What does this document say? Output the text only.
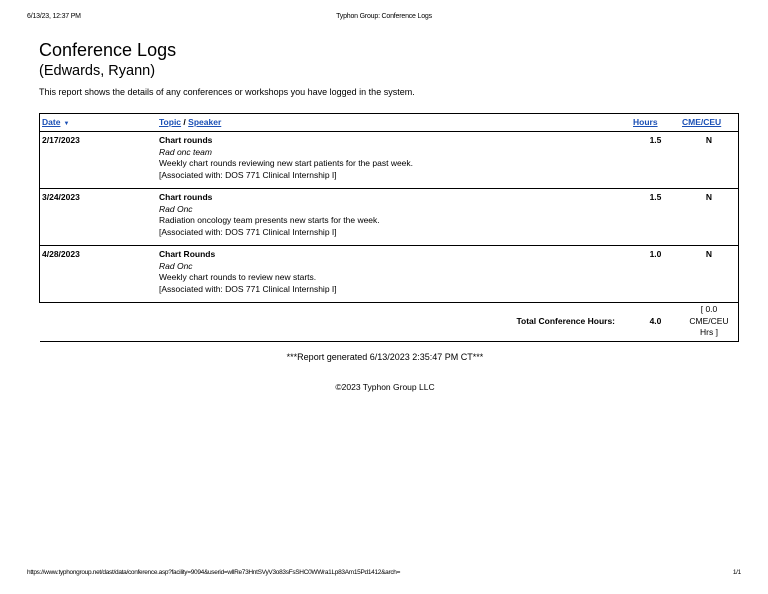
6/13/23, 12:37 PM	Typhon Group: Conference Logs
Conference Logs
(Edwards, Ryann)
This report shows the details of any conferences or workshops you have logged in the system.
Date ▼	Topic / Speaker	Hours	CME/CEU
2/17/2023	Chart rounds
Rad onc team
Weekly chart rounds reviewing new start patients for the past week.
[Associated with: DOS 771 Clinical Internship I]	1.5	N
3/24/2023	Chart rounds
Rad Onc
Radiation oncology team presents new starts for the week.
[Associated with: DOS 771 Clinical Internship I]	1.5	N
4/28/2023	Chart Rounds
Rad Onc
Weekly chart rounds to review new starts.
[Associated with: DOS 771 Clinical Internship I]	1.0	N
Total Conference Hours:		4.0	[ 0.0
CME/CEU
Hrs ]
***Report generated 6/13/2023 2:35:47 PM CT***
©2023 Typhon Group LLC
https://www.typhongroup.net/dast/data/conference.asp?facility=9094&userid=wllRe73HntSVyV3o83sFsSHC0WWra1Lp83Am15Pd1412&arch=	1/1
